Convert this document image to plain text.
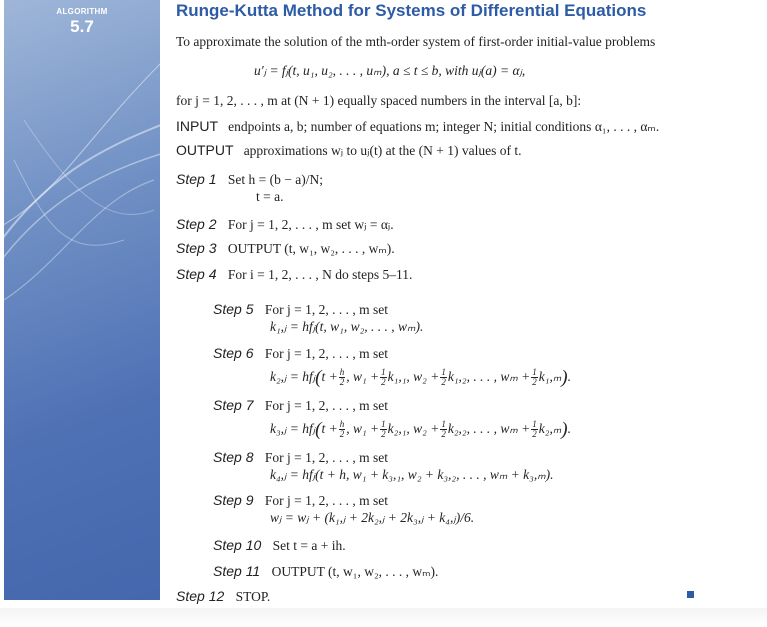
ALGORITHM
5.7
Runge-Kutta Method for Systems of Differential Equations
To approximate the solution of the mth-order system of first-order initial-value problems
u′ⱼ = fⱼ(t, u₁, u₂, . . . , uₘ), a ≤ t ≤ b, with uⱼ(a) = αⱼ,
for j = 1, 2, . . . , m at (N + 1) equally spaced numbers in the interval [a, b]:
INPUT endpoints a, b; number of equations m; integer N; initial conditions α₁, . . . , αₘ.
OUTPUT approximations wⱼ to uⱼ(t) at the (N + 1) values of t.
Step 1 Set h = (b − a)/N;
t = a.
Step 2 For j = 1, 2, . . . , m set wⱼ = αⱼ.
Step 3 OUTPUT (t, w₁, w₂, . . . , wₘ).
Step 4 For i = 1, 2, . . . , N do steps 5–11.
Step 5 For j = 1, 2, . . . , m set
k₁,ⱼ = hfⱼ(t, w₁, w₂, . . . , wₘ).
Step 6 For j = 1, 2, . . . , m set
k₂,ⱼ = hfⱼ(t + $\frac{h}{2}$ , $w_1 + \frac{1}{2} k_1,_1$, $w_2 + \frac{1}{2} k_1,_2$, . . . , $w_m + \frac{1}{2} k_1,_m$).
Step 7 For j = 1, 2, . . . , m set
k₃,ⱼ = hfⱼ(t + $\frac{h}{2}$ , $w_1 + \frac{1}{2} k_2,_1$, $w_2 + \frac{1}{2} k_2,_2$, . . . , $w_m + \frac{1}{2} k_2,_m$).
Step 8 For j = 1, 2, . . . , m set
k₄,ⱼ = hfⱼ(t + h, w₁ + k₃,₁, w₂ + k₃,₂, . . . , wₘ + k₃,ₘ).
Step 9 For j = 1, 2, . . . , m set
wⱼ = wⱼ + (k₁,ⱼ + 2k₂,ⱼ + 2k₃,ⱼ + k₄,ⱼ)/6.
Step 10 Set t = a + ih.
Step 11 OUTPUT (t, w₁, w₂, . . . , wₘ).
Step 12 STOP.
